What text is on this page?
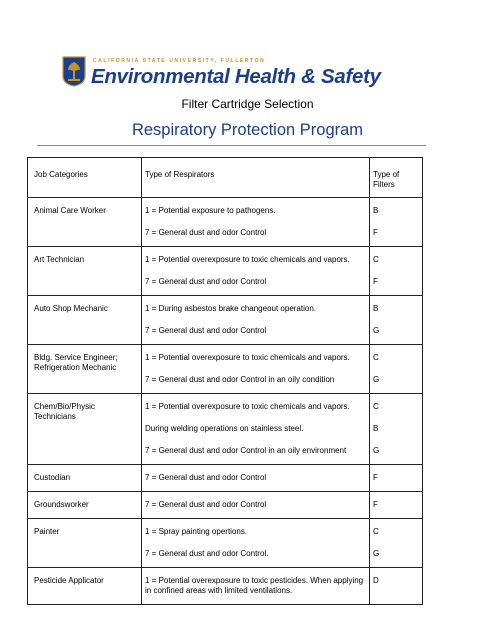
CALIFORNIA STATE UNIVERSITY, FULLERTON
Environmental Health & Safety
Filter Cartridge Selection
Respiratory Protection Program
Job Categories	Type of Respirators	Type of Filters
Animal Care Worker	1 = Potential exposure to pathogens.	B
	7 = General dust and odor Control	F
Art Technician	1 = Potential overexposure to toxic chemicals and vapors.	C
	7 = General dust and odor Control	F
Auto Shop Mechanic	1 = During asbestos brake changeout operation.	B
	7 = General dust and odor Control	G
Bldg. Service Engineer; Refrigeration Mechanic	1 = Potential overexposure to toxic chemicals and vapors.	C
	7 = General dust and odor Control in an oily condition	G
Chem/Bio/Physic Technicians	1 = Potential overexposure to toxic chemicals and vapors.	C
	During welding operations on stainless steel.	B
	7 = General dust and odor Control in an oily environment	G
Custodian	7 = General dust and odor Control	F
Groundsworker	7 = General dust and odor Control	F
Painter	1 = Spray painting opertions.	C
	7 = General dust and odor Control.	G
Pesticide Applicator	1 = Potential overexposure to toxic pesticides. When applying in confined areas with limited ventilations.	D
